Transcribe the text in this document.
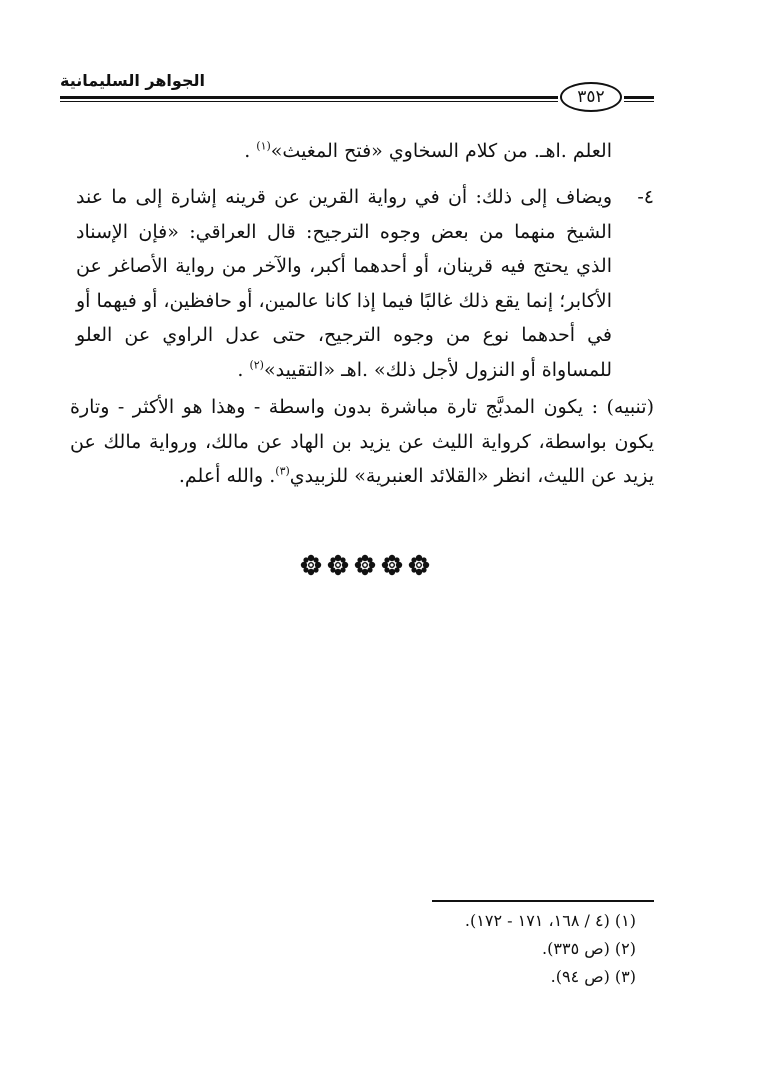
الجواهر السليمانية
٣٥٢
العلم .اهـ. من كلام السخاوي «فتح المغيث»$^{(١)}$ .
٤-
ويضاف إلى ذلك: أن في رواية القرين عن قرينه إشارة إلى ما عند الشيخ منهما من بعض وجوه الترجيح: قال العراقي: «فإن الإسناد الذي يحتج فيه قرينان، أو أحدهما أكبر، والآخر من رواية الأصاغر عن الأكابر؛ إنما يقع ذلك غالبًا فيما إذا كانا عالمين، أو حافظين، أو فيهما أو في أحدهما نوع من وجوه الترجيح، حتى عدل الراوي عن العلو للمساواة أو النزول لأجل ذلك» .اهـ «التقييد»$^{(٢)}$ .
(تنبيه) : يكون المدبَّج تارة مباشرة بدون واسطة - وهذا هو الأكثر - وتارة يكون بواسطة، كرواية الليث عن يزيد بن الهاد عن مالك، ورواية مالك عن يزيد عن الليث، انظر «القلائد العنبرية» للزبيدي$^{(٣)}$. والله أعلم.
(١) (٤ / ١٦٨، ١٧١ - ١٧٢).
(٢) (ص ٣٣٥).
(٣) (ص ٩٤).
